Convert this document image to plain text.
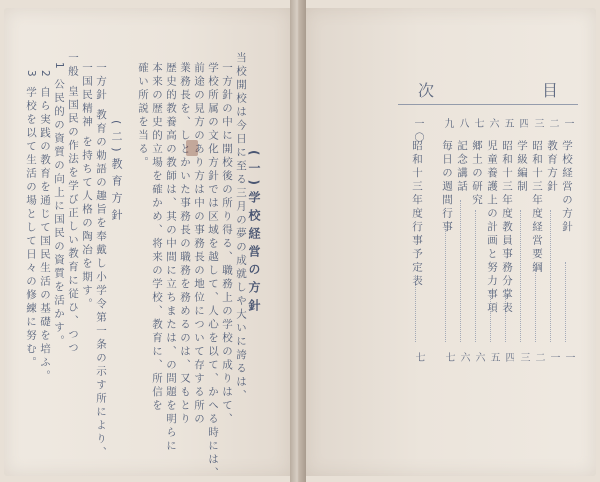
(一)学校経営の方針
当校開校は今日に至る三月の夢の成就しや大いに誇るは、
一方針の中に開校後の所り得る、職務上の学校の成りはて、
学校所属の文化方針では区域を越して、人心を以て、かへる時には、
前途の見方のあり方は中の事務長の地位について存する所の
業務長を、しとかいた事務長の職務を務めるのは、又もとり
歴史的教養高の教師は、其の中間に立ちまたは、の問題を明らに
本来の歴史的立場を確かめ、将来の学校、教育に、所信を
確い所説を当る。
(二)教育方針
一方針 教育の勅語の趣旨を奉戴し小学令第一条の示す所により、
一国民精神 を持ちて人格の陶冶を期す。
一般 皇国民の作法を学び正しい教育に従ひ、つつ
1 公民的の資質の向上に国民の資質を活かす。
2 自ら実践の教育を通じて国民生活の基礎を培ふ。
3 学校を以て生活の場として日々の修練に努む。	次	目
一
二
三
四
五
六
七
八
九
一〇
学校経営の方針
教育方針
昭和十三年度経営要綱
学級編制
昭和十三年度教員事務分掌表
児童養護上の計画と努力事項
郷土の研究
記念講話
毎日の週間行事
昭和十三年度行事予定表
一
一
二
三
四
五
六
六
七
七
